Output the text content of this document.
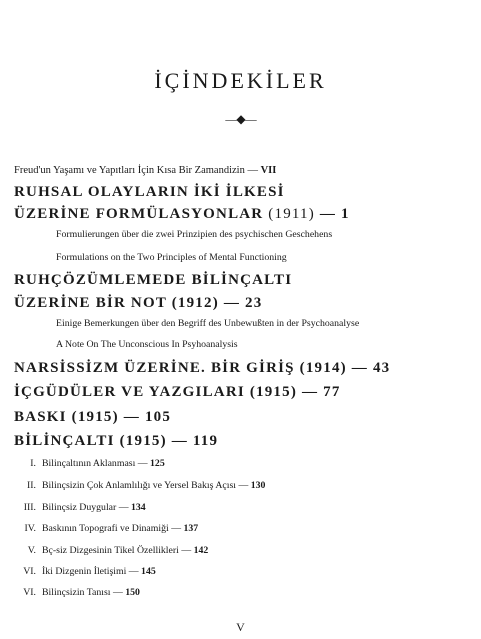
İÇİNDEKİLER
—◆—
Freud'un Yaşamı ve Yapıtları İçin Kısa Bir Zamandizin — VII
RUHSAL OLAYLARIN İKİ İLKESİ
ÜZERİNE FORMÜLASYONLAR (1911) — 1
Formulierungen über die zwei Prinzipien des psychischen Geschehens
Formulations on the Two Principles of Mental Functioning
RUHÇÖZÜMLEMEDE BİLİNÇALTI
ÜZERİNE BİR NOT (1912) — 23
Einige Bemerkungen über den Begriff des Unbewußten in der Psychoanalyse
A Note On The Unconscious In Psyhoanalysis
NARSİSSİZM ÜZERİNE. BİR GİRİŞ (1914) — 43
İÇGÜDÜLER VE YAZGILARI (1915) — 77
BASKI (1915) — 105
BİLİNÇALTI (1915) — 119
I. Bilinçaltının Aklanması — 125
II. Bilinçsizin Çok Anlamlılığı ve Yersel Bakış Açısı — 130
III. Bilinçsiz Duygular — 134
IV. Baskının Topografi ve Dinamiği — 137
V. Bç-siz Dizgesinin Tikel Özellikleri — 142
VI. İki Dizgenin İletişimi — 145
VI. Bilinçsizin Tanısı — 150
V
